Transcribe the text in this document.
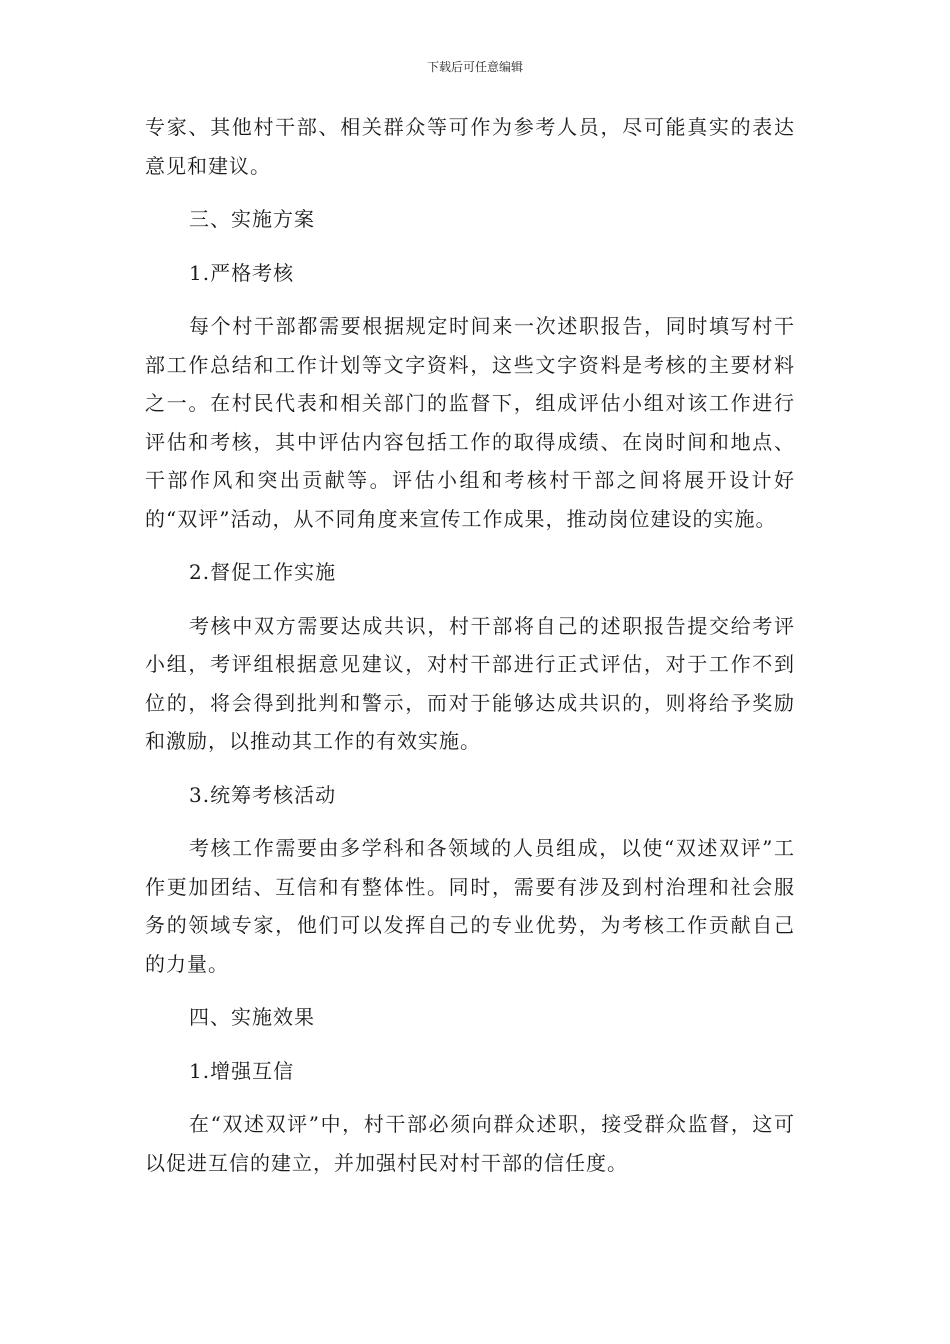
下载后可任意编辑

专家、其他村干部、相关群众等可作为参考人员，尽可能真实的表达意见和建议。

三、实施方案

1.严格考核

每个村干部都需要根据规定时间来一次述职报告，同时填写村干部工作总结和工作计划等文字资料，这些文字资料是考核的主要材料之一。在村民代表和相关部门的监督下，组成评估小组对该工作进行评估和考核，其中评估内容包括工作的取得成绩、在岗时间和地点、干部作风和突出贡献等。评估小组和考核村干部之间将展开设计好的“双评”活动，从不同角度来宣传工作成果，推动岗位建设的实施。

2.督促工作实施

考核中双方需要达成共识，村干部将自己的述职报告提交给考评小组，考评组根据意见建议，对村干部进行正式评估，对于工作不到位的，将会得到批判和警示，而对于能够达成共识的，则将给予奖励和激励，以推动其工作的有效实施。

3.统筹考核活动

考核工作需要由多学科和各领域的人员组成，以使“双述双评”工作更加团结、互信和有整体性。同时，需要有涉及到村治理和社会服务的领域专家，他们可以发挥自己的专业优势，为考核工作贡献自己的力量。

四、实施效果

1.增强互信

在“双述双评”中，村干部必须向群众述职，接受群众监督，这可以促进互信的建立，并加强村民对村干部的信任度。
